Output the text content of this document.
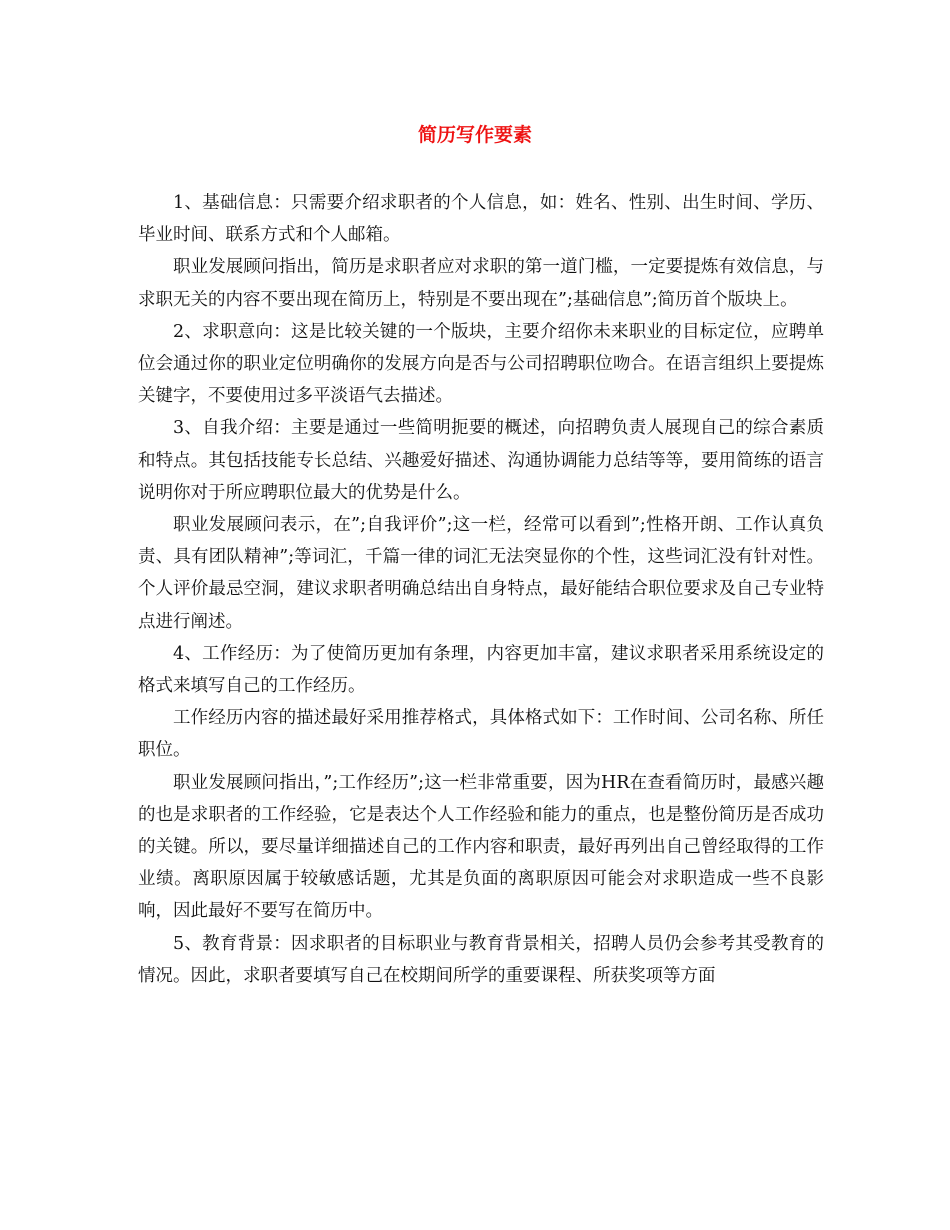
简历写作要素

1、基础信息：只需要介绍求职者的个人信息，如：姓名、性别、出生时间、学历、毕业时间、联系方式和个人邮箱。

职业发展顾问指出，简历是求职者应对求职的第一道门槛，一定要提炼有效信息，与求职无关的内容不要出现在简历上，特别是不要出现在”;基础信息”;简历首个版块上。

2、求职意向：这是比较关键的一个版块，主要介绍你未来职业的目标定位，应聘单位会通过你的职业定位明确你的发展方向是否与公司招聘职位吻合。在语言组织上要提炼关键字，不要使用过多平淡语气去描述。

3、自我介绍：主要是通过一些简明扼要的概述，向招聘负责人展现自己的综合素质和特点。其包括技能专长总结、兴趣爱好描述、沟通协调能力总结等等，要用简练的语言说明你对于所应聘职位最大的优势是什么。

职业发展顾问表示，在”;自我评价”;这一栏，经常可以看到”;性格开朗、工作认真负责、具有团队精神”;等词汇，千篇一律的词汇无法突显你的个性，这些词汇没有针对性。个人评价最忌空洞，建议求职者明确总结出自身特点，最好能结合职位要求及自己专业特点进行阐述。

4、工作经历：为了使简历更加有条理，内容更加丰富，建议求职者采用系统设定的格式来填写自己的工作经历。

工作经历内容的描述最好采用推荐格式，具体格式如下：工作时间、公司名称、所任职位。

职业发展顾问指出，”;工作经历”;这一栏非常重要，因为HR在查看简历时，最感兴趣的也是求职者的工作经验，它是表达个人工作经验和能力的重点，也是整份简历是否成功的关键。所以，要尽量详细描述自己的工作内容和职责，最好再列出自己曾经取得的工作业绩。离职原因属于较敏感话题，尤其是负面的离职原因可能会对求职造成一些不良影响，因此最好不要写在简历中。

5、教育背景：因求职者的目标职业与教育背景相关，招聘人员仍会参考其受教育的情况。因此，求职者要填写自己在校期间所学的重要课程、所获奖项等方面
